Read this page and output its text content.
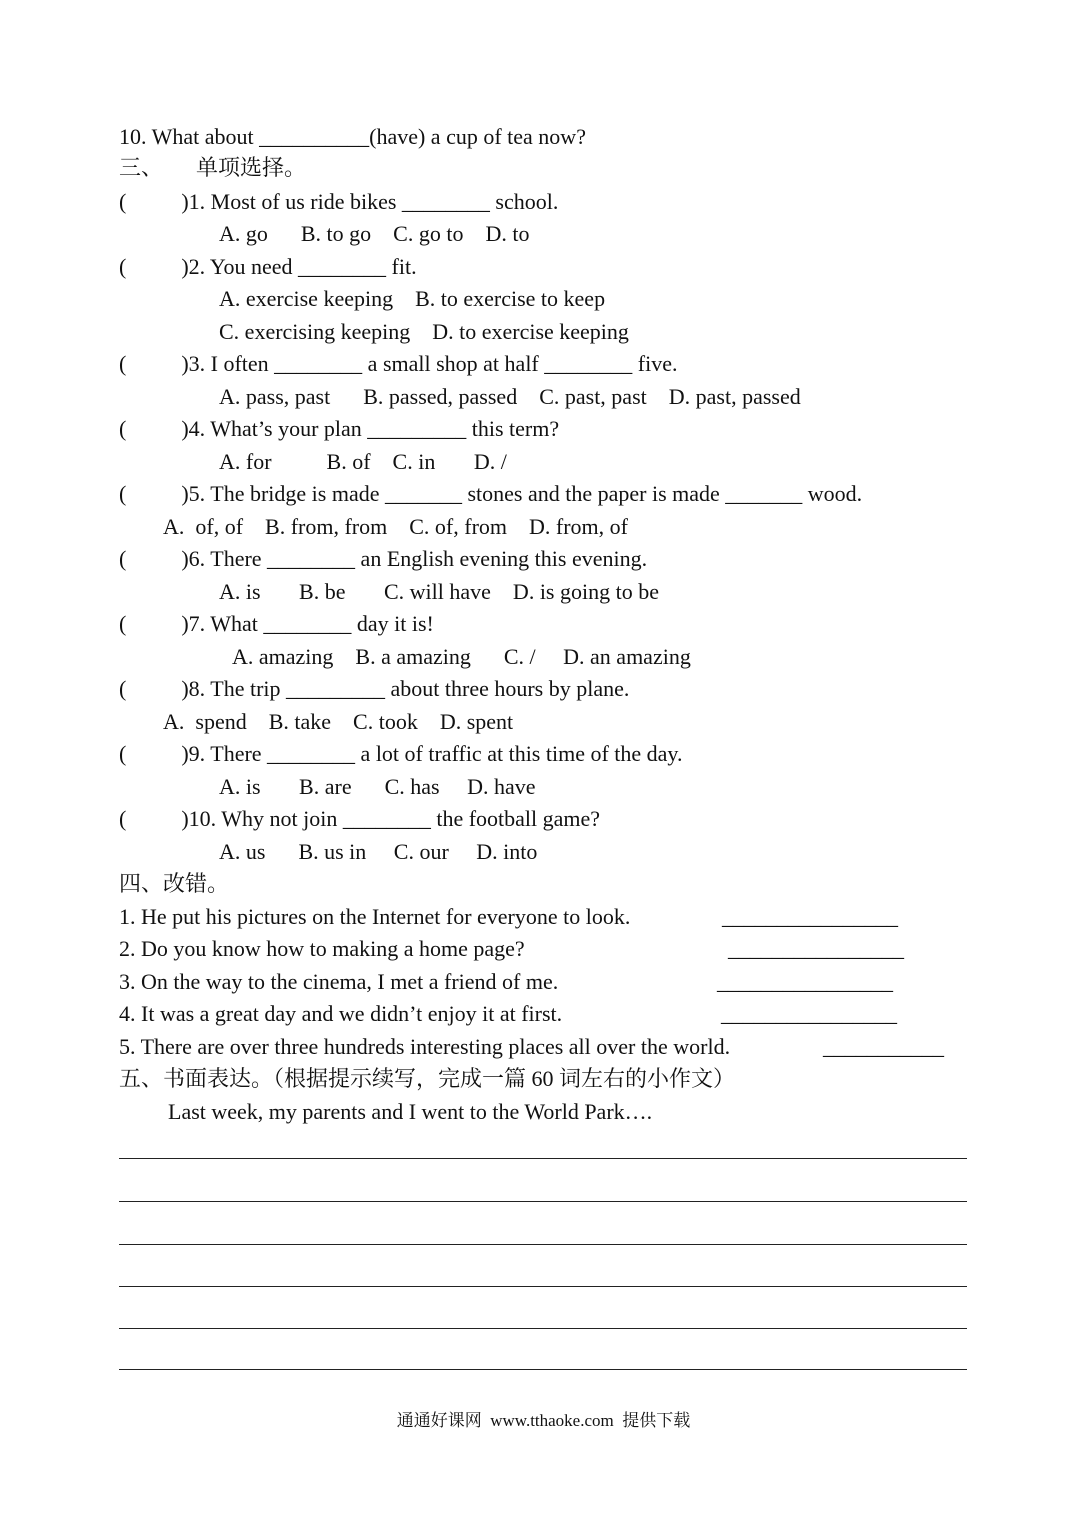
10. What about __________(have) a cup of tea now?
三、      单项选择。
(          )1. Most of us ride bikes ________ school.
A. go      B. to go    C. go to    D. to
(          )2. You need ________ fit.
A. exercise keeping    B. to exercise to keep
C. exercising keeping    D. to exercise keeping
(          )3. I often ________ a small shop at half ________ five.
A. pass, past      B. passed, passed    C. past, past    D. past, passed
(          )4. What’s your plan _________ this term?
A. for          B. of    C. in       D. /
(          )5. The bridge is made _______ stones and the paper is made _______ wood.
A.  of, of    B. from, from    C. of, from    D. from, of
(          )6. There ________ an English evening this evening.
A. is       B. be       C. will have    D. is going to be
(          )7. What ________ day it is!
A. amazing    B. a amazing      C. /     D. an amazing
(          )8. The trip _________ about three hours by plane.
A.  spend    B. take    C. took    D. spent
(          )9. There ________ a lot of traffic at this time of the day.
A. is       B. are      C. has     D. have
(          )10. Why not join ________ the football game?
A. us      B. us in     C. our     D. into
四、改错。
1. He put his pictures on the Internet for everyone to look.	________________
2. Do you know how to making a home page?	________________
3. On the way to the cinema, I met a friend of me.	________________
4. It was a great day and we didn’t enjoy it at first.	________________
5. There are over three hundreds interesting places all over the world.	___________
五、书面表达。（根据提示续写，完成一篇 60 词左右的小作文）
Last week, my parents and I went to the World Park….
通通好课网  www.tthaoke.com  提供下载
